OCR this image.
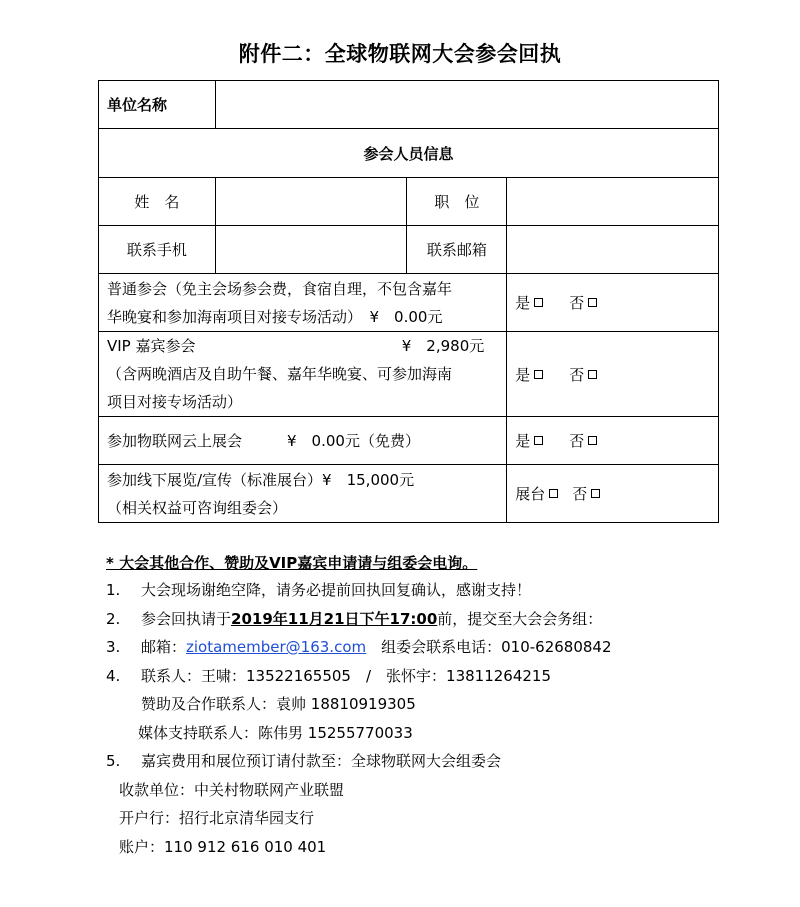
附件二：全球物联网大会参会回执
单位名称			
参会人员信息			
姓　名		职　位	
联系手机		联系邮箱	

普通参会（免主会场参会费，食宿自理，不包含嘉年
华晚宴和参加海南项目对接专场活动）　¥　0.00元			是 否

VIP 嘉宾参会 ¥　2,980元
（含两晚酒店及自助午餐、嘉年华晚宴、可参加海南
项目对接专场活动）			是 否

参加物联网云上展会　　　¥　0.00元（免费）			是 否

参加线下展览/宣传（标准展台）¥　15,000元
（相关权益可咨询组委会）			展台 否
* 大会其他合作、赞助及VIP嘉宾申请请与组委会电询。
1. 大会现场谢绝空降，请务必提前回执回复确认，感谢支持！
2. 参会回执请于2019年11月21日下午17:00前，提交至大会会务组：
3. 邮箱：ziotamember@163.com　组委会联系电话：010-62680842
4. 联系人：王啸：13522165505　/　张怀宇：13811264215
赞助及合作联系人：袁帅 18810919305
媒体支持联系人：陈伟男 15255770033
5. 嘉宾费用和展位预订请付款至：全球物联网大会组委会
收款单位：中关村物联网产业联盟
开户行：招行北京清华园支行
账户：110 912 616 010 401
